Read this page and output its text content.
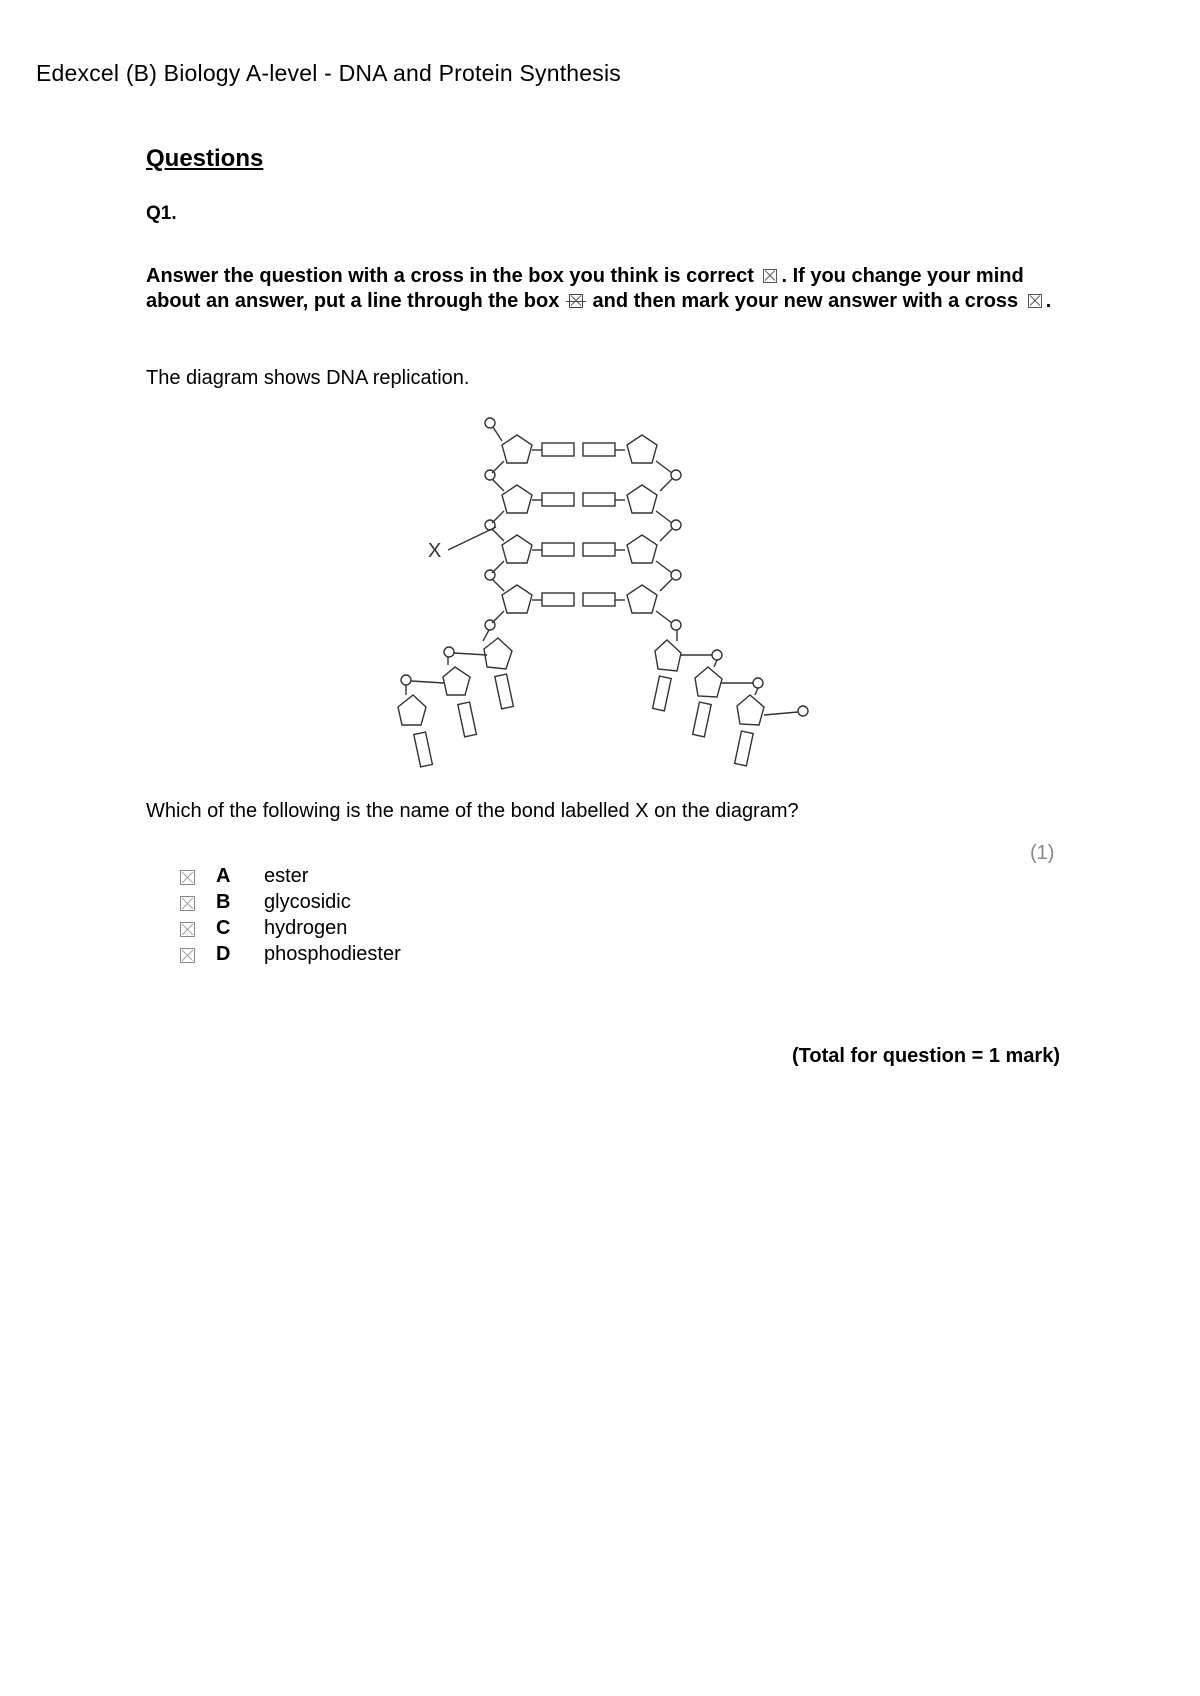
Edexcel (B) Biology A-level - DNA and Protein Synthesis
Questions
Q1.
Answer the question with a cross in the box you think is correct ☒ . If you change your mind about an answer, put a line through the box and then mark your new answer with a cross ☒ .
The diagram shows DNA replication.
X
Which of the following is the name of the bond labelled X on the diagram?
(1)
A ester
B glycosidic
C hydrogen
D phosphodiester
(Total for question = 1 mark)
